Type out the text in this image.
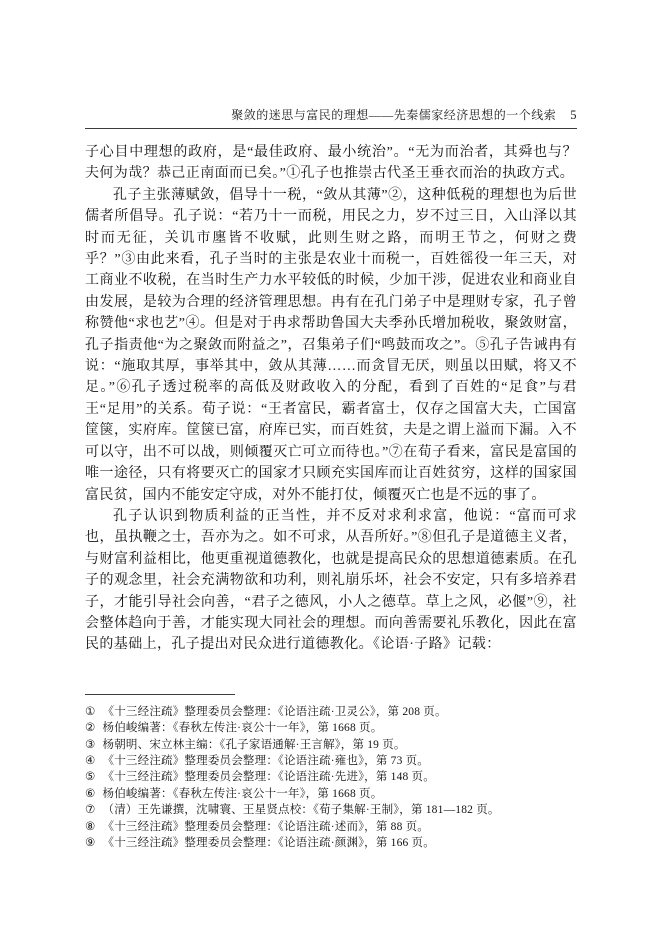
聚敛的迷思与富民的理想——先秦儒家经济思想的一个线索 5

子心目中理想的政府，是“最佳政府、最小统治”。“无为而治者，其舜也与？夫何为哉？恭己正南面而已矣。”①孔子也推崇古代圣王垂衣而治的执政方式。

孔子主张薄赋敛，倡导十一税，“敛从其薄”②，这种低税的理想也为后世儒者所倡导。孔子说：“若乃十一而税，用民之力，岁不过三日，入山泽以其时而无征，关讥市廛皆不收赋，此则生财之路，而明王节之，何财之费乎？”③由此来看，孔子当时的主张是农业十而税一，百姓徭役一年三天，对工商业不收税，在当时生产力水平较低的时候，少加干涉，促进农业和商业自由发展，是较为合理的经济管理思想。冉有在孔门弟子中是理财专家，孔子曾称赞他“求也艺”④。但是对于冉求帮助鲁国大夫季孙氏增加税收，聚敛财富，孔子指责他“为之聚敛而附益之”，召集弟子们“鸣鼓而攻之”。⑤孔子告诫冉有说：“施取其厚，事举其中，敛从其薄……而贪冒无厌，则虽以田赋，将又不足。”⑥孔子透过税率的高低及财政收入的分配，看到了百姓的“足食”与君王“足用”的关系。荀子说：“王者富民，霸者富士，仅存之国富大夫，亡国富筐箧，实府库。筐箧已富，府库已实，而百姓贫，夫是之谓上溢而下漏。入不可以守，出不可以战，则倾覆灭亡可立而待也。”⑦在荀子看来，富民是富国的唯一途径，只有将要灭亡的国家才只顾充实国库而让百姓贫穷，这样的国家国富民贫，国内不能安定守成，对外不能打仗，倾覆灭亡也是不远的事了。

孔子认识到物质利益的正当性，并不反对求利求富，他说：“富而可求也，虽执鞭之士，吾亦为之。如不可求，从吾所好。”⑧但孔子是道德主义者，与财富利益相比，他更重视道德教化，也就是提高民众的思想道德素质。在孔子的观念里，社会充满物欲和功利，则礼崩乐坏，社会不安定，只有多培养君子，才能引导社会向善，“君子之德风，小人之德草。草上之风，必偃”⑨，社会整体趋向于善，才能实现大同社会的理想。而向善需要礼乐教化，因此在富民的基础上，孔子提出对民众进行道德教化。《论语·子路》记载：

① 《十三经注疏》整理委员会整理：《论语注疏·卫灵公》，第 208 页。
② 杨伯峻编著：《春秋左传注·哀公十一年》，第 1668 页。
③ 杨朝明、宋立林主编：《孔子家语通解·王言解》，第 19 页。
④ 《十三经注疏》整理委员会整理：《论语注疏·雍也》，第 73 页。
⑤ 《十三经注疏》整理委员会整理：《论语注疏·先进》，第 148 页。
⑥ 杨伯峻编著：《春秋左传注·哀公十一年》，第 1668 页。
⑦ （清）王先谦撰，沈啸寰、王星贤点校：《荀子集解·王制》，第 181—182 页。
⑧ 《十三经注疏》整理委员会整理：《论语注疏·述而》，第 88 页。
⑨ 《十三经注疏》整理委员会整理：《论语注疏·颜渊》，第 166 页。
